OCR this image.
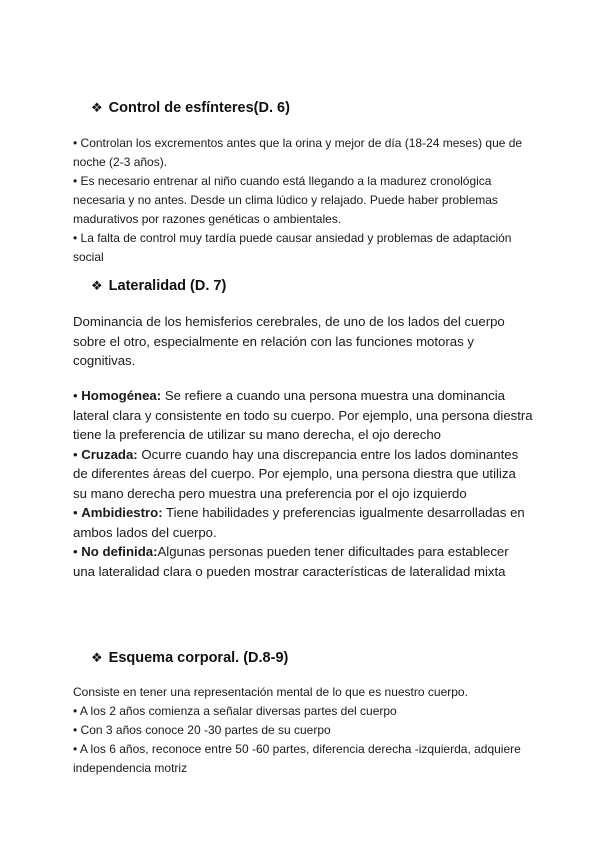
❖ Control de esfínteres(D. 6)

• Controlan los excrementos antes que la orina y mejor de día (18-24 meses) que de noche (2-3 años).

• Es necesario entrenar al niño cuando está llegando a la madurez cronológica necesaria y no antes. Desde un clima lúdico y relajado. Puede haber problemas madurativos por razones genéticas o ambientales.

• La falta de control muy tardía puede causar ansiedad y problemas de adaptación social

❖ Lateralidad (D. 7)

Dominancia de los hemisferios cerebrales, de uno de los lados del cuerpo sobre el otro, especialmente en relación con las funciones motoras y cognitivas.

• Homogénea: Se refiere a cuando una persona muestra una dominancia lateral clara y consistente en todo su cuerpo. Por ejemplo, una persona diestra tiene la preferencia de utilizar su mano derecha, el ojo derecho

• Cruzada: Ocurre cuando hay una discrepancia entre los lados dominantes de diferentes áreas del cuerpo. Por ejemplo, una persona diestra que utiliza su mano derecha pero muestra una preferencia por el ojo izquierdo

• Ambidiestro: Tiene habilidades y preferencias igualmente desarrolladas en ambos lados del cuerpo.

• No definida:Algunas personas pueden tener dificultades para establecer una lateralidad clara o pueden mostrar características de lateralidad mixta

❖ Esquema corporal. (D.8-9)

Consiste en tener una representación mental de lo que es nuestro cuerpo.

• A los 2 años comienza a señalar diversas partes del cuerpo

• Con 3 años conoce 20 -30 partes de su cuerpo

• A los 6 años, reconoce entre 50 -60 partes, diferencia derecha -izquierda, adquiere independencia motriz
